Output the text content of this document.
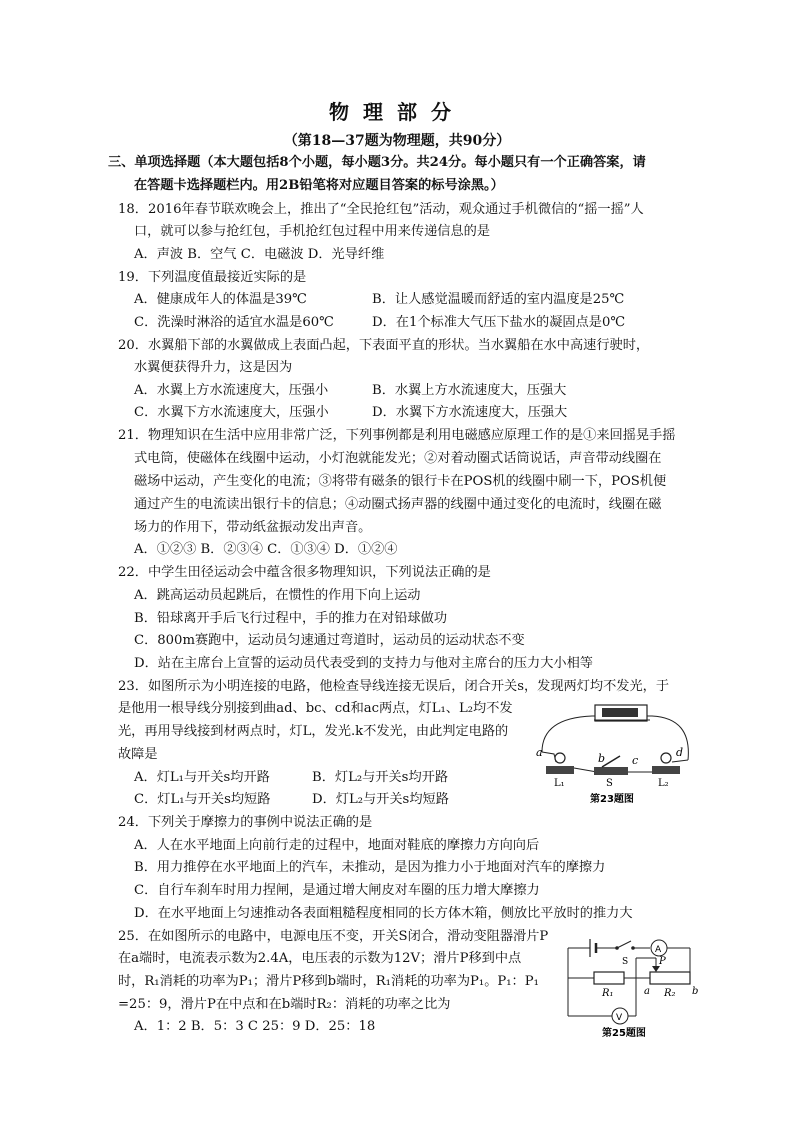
物理部分
（第18—37题为物理题，共90分）
三、单项选择题（本大题包括8个小题，每小题3分。共24分。每小题只有一个正确答案，请
在答题卡选择题栏内。用2B铅笔将对应题目答案的标号涂黑。）
18．2016年春节联欢晚会上，推出了“全民抢红包”活动，观众通过手机微信的“摇一摇”人
口，就可以参与抢红包，手机抢红包过程中用来传递信息的是
A．声波 B．空气 C．电磁波 D．光导纤维
19．下列温度值最接近实际的是
A．健康成年人的体温是39℃	B．让人感觉温暖而舒适的室内温度是25℃
C．洗澡时淋浴的适宜水温是60℃	D．在1个标准大气压下盐水的凝固点是0℃
20．水翼船下部的水翼做成上表面凸起，下表面平直的形状。当水翼船在水中高速行驶时，
水翼便获得升力，这是因为
A．水翼上方水流速度大，压强小	B．水翼上方水流速度大，压强大
C．水翼下方水流速度大，压强小	D．水翼下方水流速度大，压强大
21．物理知识在生活中应用非常广泛，下列事例都是利用电磁感应原理工作的是①来回摇晃手摇
式电筒，使磁体在线圈中运动，小灯泡就能发光；②对着动圈式话筒说话，声音带动线圈在
磁场中运动，产生变化的电流；③将带有磁条的银行卡在POS机的线圈中刷一下，POS机便
通过产生的电流读出银行卡的信息；④动圈式扬声器的线圈中通过变化的电流时，线圈在磁
场力的作用下，带动纸盆振动发出声音。
A．①②③ B．②③④ C．①③④ D．①②④
22．中学生田径运动会中蕴含很多物理知识，下列说法正确的是
A．跳高运动员起跳后，在惯性的作用下向上运动
B．铅球离开手后飞行过程中，手的推力在对铅球做功
C．800m赛跑中，运动员匀速通过弯道时，运动员的运动状态不变
D．站在主席台上宣誓的运动员代表受到的支持力与他对主席台的压力大小相等
23．如图所示为小明连接的电路，他检查导线连接无误后，闭合开关s，发现两灯均不发光，于
是他用一根导线分别接到曲ad、bc、cd和ac两点，灯L₁、L₂均不发
光，再用导线接到材两点时，灯L，发光.k不发光，由此判定电路的
故障是
A．灯L₁与开关s均开路	B．灯L₂与开关s均开路
C．灯L₁与开关s均短路	D．灯L₂与开关s均短路
a	b c
d
L₁	S	L₂
第23题图
24．下列关于摩擦力的事例中说法正确的是
A．人在水平地面上向前行走的过程中，地面对鞋底的摩擦力方向向后
B．用力推停在水平地面上的汽车，未推动，是因为推力小于地面对汽车的摩擦力
C．自行车刹车时用力捏闸，是通过增大闸皮对车圈的压力增大摩擦力
D．在水平地面上匀速推动各表面粗糙程度相同的长方体木箱，侧放比平放时的推力大
25．在如图所示的电路中，电源电压不变，开关S闭合，滑动变阻器滑片P
在a端时，电流表示数为2.4A，电压表的示数为12V；滑片P移到中点
时，R₁消耗的功率为P₁；滑片P移到b端时，R₁消耗的功率为P₁。P₁：P₁
=25：9，滑片P在中点和在b端时R₂：消耗的功率之比为
A．1：2 B．5：3 C 25：9 D．25：18
A
V
S	P
R₁	R₂
a	b
第25题图
